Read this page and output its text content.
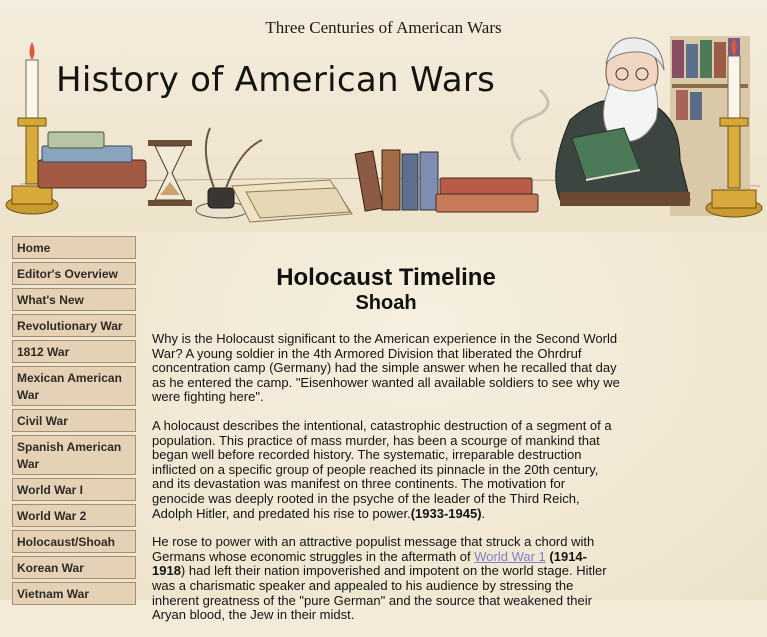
Three Centuries of American Wars
History of American Wars
Home
Editor's Overview
What's New
Revolutionary War
1812 War
Mexican American War
Civil War
Spanish American War
World War I
World War 2
Holocaust/Shoah
Korean War
Vietnam War
Holocaust Timeline
Shoah

Why is the Holocaust significant to the American experience in the Second World War? A young soldier in the 4th Armored Division that liberated the Ohrdruf concentration camp (Germany) had the simple answer when he recalled that day as he entered the camp. "Eisenhower wanted all available soldiers to see why we were fighting here".

A holocaust describes the intentional, catastrophic destruction of a segment of a population. This practice of mass murder, has been a scourge of mankind that began well before recorded history. The systematic, irreparable destruction inflicted on a specific group of people reached its pinnacle in the 20th century, and its devastation was manifest on three continents. The motivation for genocide was deeply rooted in the psyche of the leader of the Third Reich, Adolph Hitler, and predated his rise to power.(1933-1945).

He rose to power with an attractive populist message that struck a chord with Germans whose economic struggles in the aftermath of World War 1 (1914-1918) had left their nation impoverished and impotent on the world stage. Hitler was a charismatic speaker and appealed to his audience by stressing the inherent greatness of the "pure German" and the source that weakened their Aryan blood, the Jew in their midst.
